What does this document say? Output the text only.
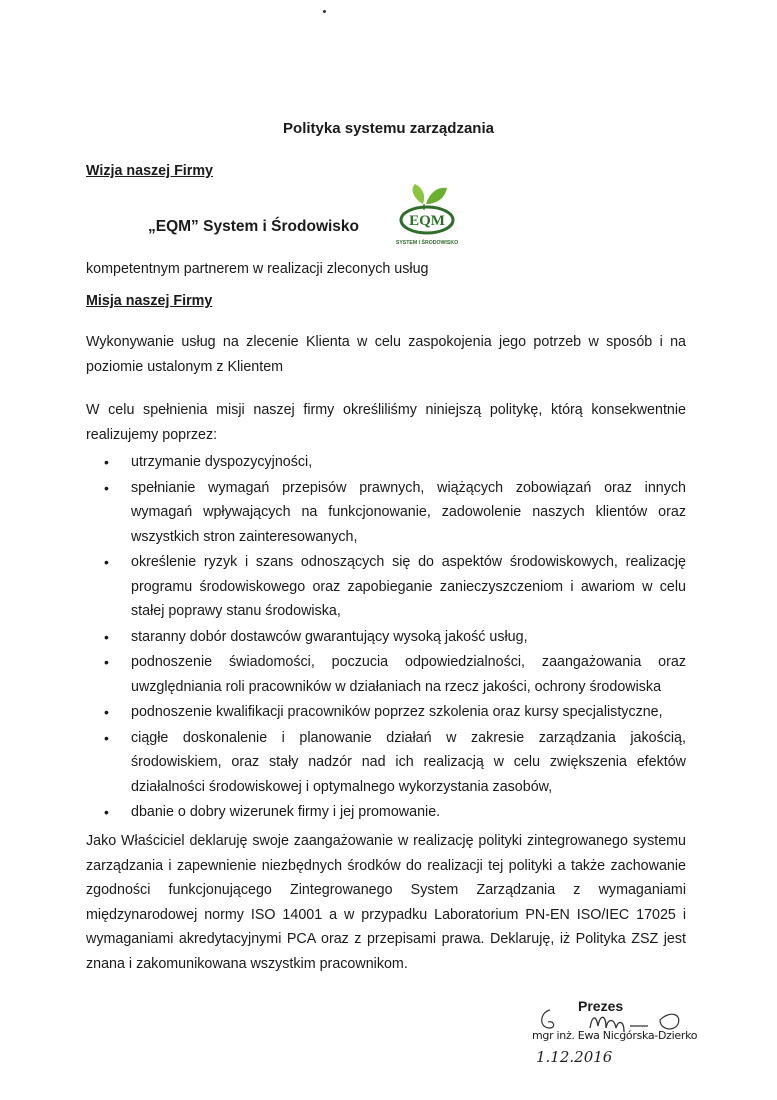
Polityka systemu zarządzania
Wizja naszej Firmy
„EQM” System i Środowisko	EQM
SYSTEM I ŚRODOWISKO
kompetentnym partnerem w realizacji zleconych usług
Misja naszej Firmy
Wykonywanie usług na zlecenie Klienta w celu zaspokojenia jego potrzeb w sposób i na poziomie ustalonym z Klientem
W celu spełnienia misji naszej firmy określiliśmy niniejszą politykę, którą konsekwentnie realizujemy poprzez:
• utrzymanie dyspozycyjności,
• spełnianie wymagań przepisów prawnych, wiążących zobowiązań oraz innych wymagań wpływających na funkcjonowanie, zadowolenie naszych klientów oraz wszystkich stron zainteresowanych,
• określenie ryzyk i szans odnoszących się do aspektów środowiskowych, realizację programu środowiskowego oraz zapobieganie zanieczyszczeniom i awariom w celu stałej poprawy stanu środowiska,
• staranny dobór dostawców gwarantujący wysoką jakość usług,
• podnoszenie świadomości, poczucia odpowiedzialności, zaangażowania oraz uwzględniania roli pracowników w działaniach na rzecz jakości, ochrony środowiska
• podnoszenie kwalifikacji pracowników poprzez szkolenia oraz kursy specjalistyczne,
• ciągłe doskonalenie i planowanie działań w zakresie zarządzania jakością, środowiskiem, oraz stały nadzór nad ich realizacją w celu zwiększenia efektów działalności środowiskowej i optymalnego wykorzystania zasobów,
• dbanie o dobry wizerunek firmy i jej promowanie.
Jako Właściciel deklaruję swoje zaangażowanie w realizację polityki zintegrowanego systemu zarządzania i zapewnienie niezbędnych środków do realizacji tej polityki a także zachowanie zgodności funkcjonującego Zintegrowanego System Zarządzania z wymaganiami międzynarodowej normy ISO 14001 a w przypadku Laboratorium PN-EN ISO/IEC 17025 i wymaganiami akredytacyjnymi PCA oraz z przepisami prawa. Deklaruję, iż Polityka ZSZ jest znana i zakomunikowana wszystkim pracownikom.
Prezes
mgr inż. Ewa Nicgórska-Dzierko
1.12.2016
